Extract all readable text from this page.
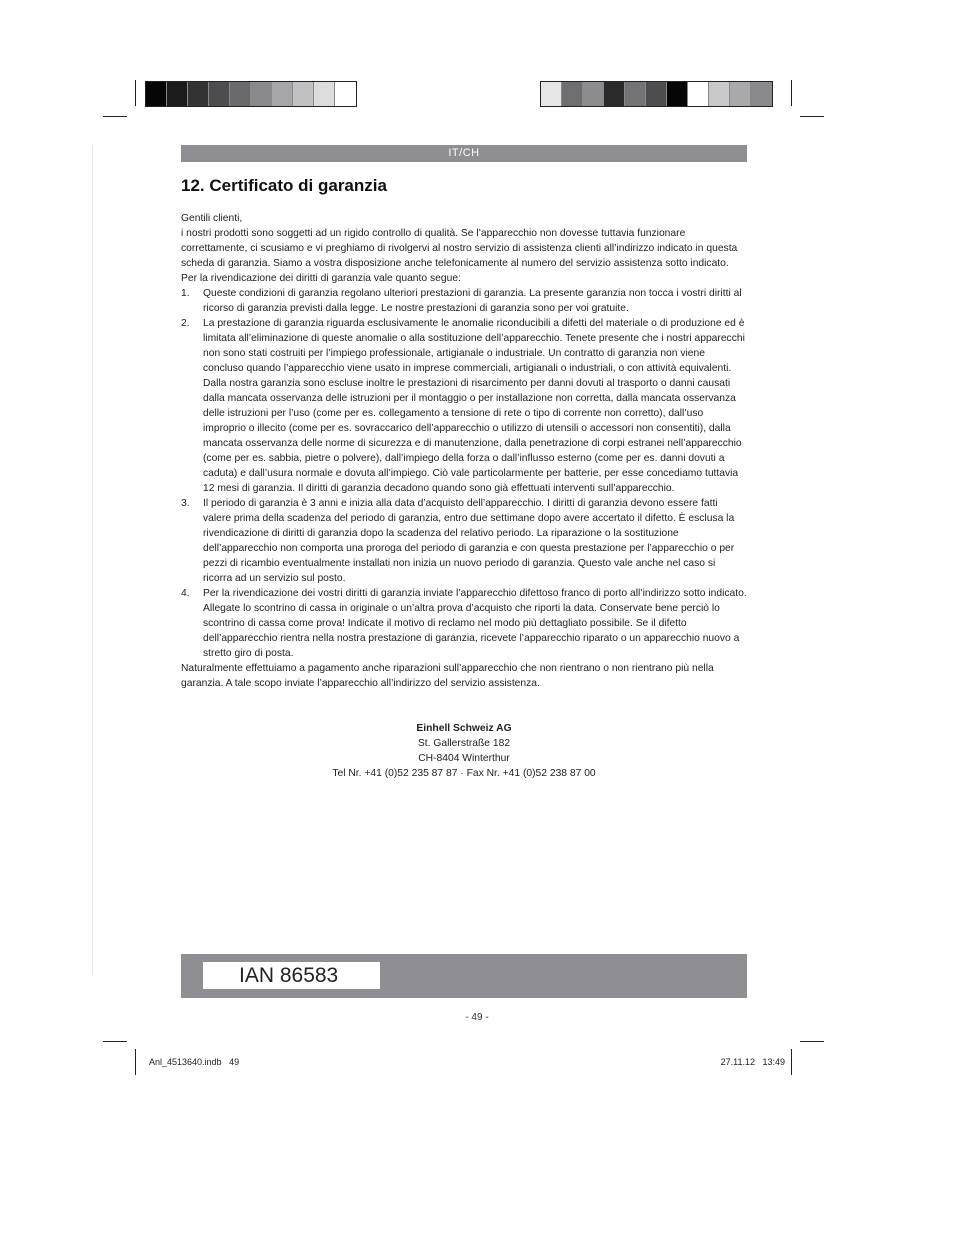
IT/CH
12. Certificato di garanzia

Gentili clienti,

i nostri prodotti sono soggetti ad un rigido controllo di qualità. Se l’apparecchio non dovesse tuttavia funzionare correttamente, ci scusiamo e vi preghiamo di rivolgervi al nostro servizio di assistenza clienti all’indirizzo indicato in questa scheda di garanzia. Siamo a vostra disposizione anche telefonicamente al numero del servizio assistenza sotto indicato. Per la rivendicazione dei diritti di garanzia vale quanto segue:

1. Queste condizioni di garanzia regolano ulteriori prestazioni di garanzia. La presente garanzia non tocca i vostri diritti al ricorso di garanzia previsti dalla legge. Le nostre prestazioni di garanzia sono per voi gratuite.
2. La prestazione di garanzia riguarda esclusivamente le anomalie riconducibili a difetti del materiale o di produzione ed è limitata all’eliminazione di queste anomalie o alla sostituzione dell’apparecchio. Tenete presente che i nostri apparecchi non sono stati costruiti per l’impiego professionale, artigianale o industriale. Un contratto di garanzia non viene concluso quando l’apparecchio viene usato in imprese commerciali, artigianali o industriali, o con attività equivalenti. Dalla nostra garanzia sono escluse inoltre le prestazioni di risarcimento per danni dovuti al trasporto o danni causati dalla mancata osservanza delle istruzioni per il montaggio o per installazione non corretta, dalla mancata osservanza delle istruzioni per l’uso (come per es. collegamento a tensione di rete o tipo di corrente non corretto), dall’uso improprio o illecito (come per es. sovraccarico dell’apparecchio o utilizzo di utensili o accessori non consentiti), dalla mancata osservanza delle norme di sicurezza e di manutenzione, dalla penetrazione di corpi estranei nell’apparecchio (come per es. sabbia, pietre o polvere), dall’impiego della forza o dall’influsso esterno (come per es. danni dovuti a caduta) e dall’usura normale e dovuta all’impiego. Ciò vale particolarmente per batterie, per esse concediamo tuttavia 12 mesi di garanzia. Il diritti di garanzia decadono quando sono già effettuati interventi sull’apparecchio.
3. Il periodo di garanzia è 3 anni e inizia alla data d’acquisto dell’apparecchio. I diritti di garanzia devono essere fatti valere prima della scadenza del periodo di garanzia, entro due settimane dopo avere accertato il difetto. È esclusa la rivendicazione di diritti di garanzia dopo la scadenza del relativo periodo. La riparazione o la sostituzione dell’apparecchio non comporta una proroga del periodo di garanzia e con questa prestazione per l’apparecchio o per pezzi di ricambio eventualmente installati non inizia un nuovo periodo di garanzia. Questo vale anche nel caso si ricorra ad un servizio sul posto.
4. Per la rivendicazione dei vostri diritti di garanzia inviate l’apparecchio difettoso franco di porto all’indirizzo sotto indicato. Allegate lo scontrino di cassa in originale o un’altra prova d’acquisto che riporti la data. Conservate bene perciò lo scontrino di cassa come prova! Indicate il motivo di reclamo nel modo più dettagliato possibile. Se il difetto dell’apparecchio rientra nella nostra prestazione di garanzia, ricevete l’apparecchio riparato o un apparecchio nuovo a stretto giro di posta.

Naturalmente effettuiamo a pagamento anche riparazioni sull’apparecchio che non rientrano o non rientrano più nella garanzia. A tale scopo inviate l’apparecchio all’indirizzo del servizio assistenza.

Einhell Schweiz AG
St. Gallerstraße 182
CH-8404 Winterthur
Tel Nr. +41 (0)52 235 87 87 · Fax Nr. +41 (0)52 238 87 00
IAN 86583
- 49 -
Anl_4513640.indb   49	27.11.12   13:49
